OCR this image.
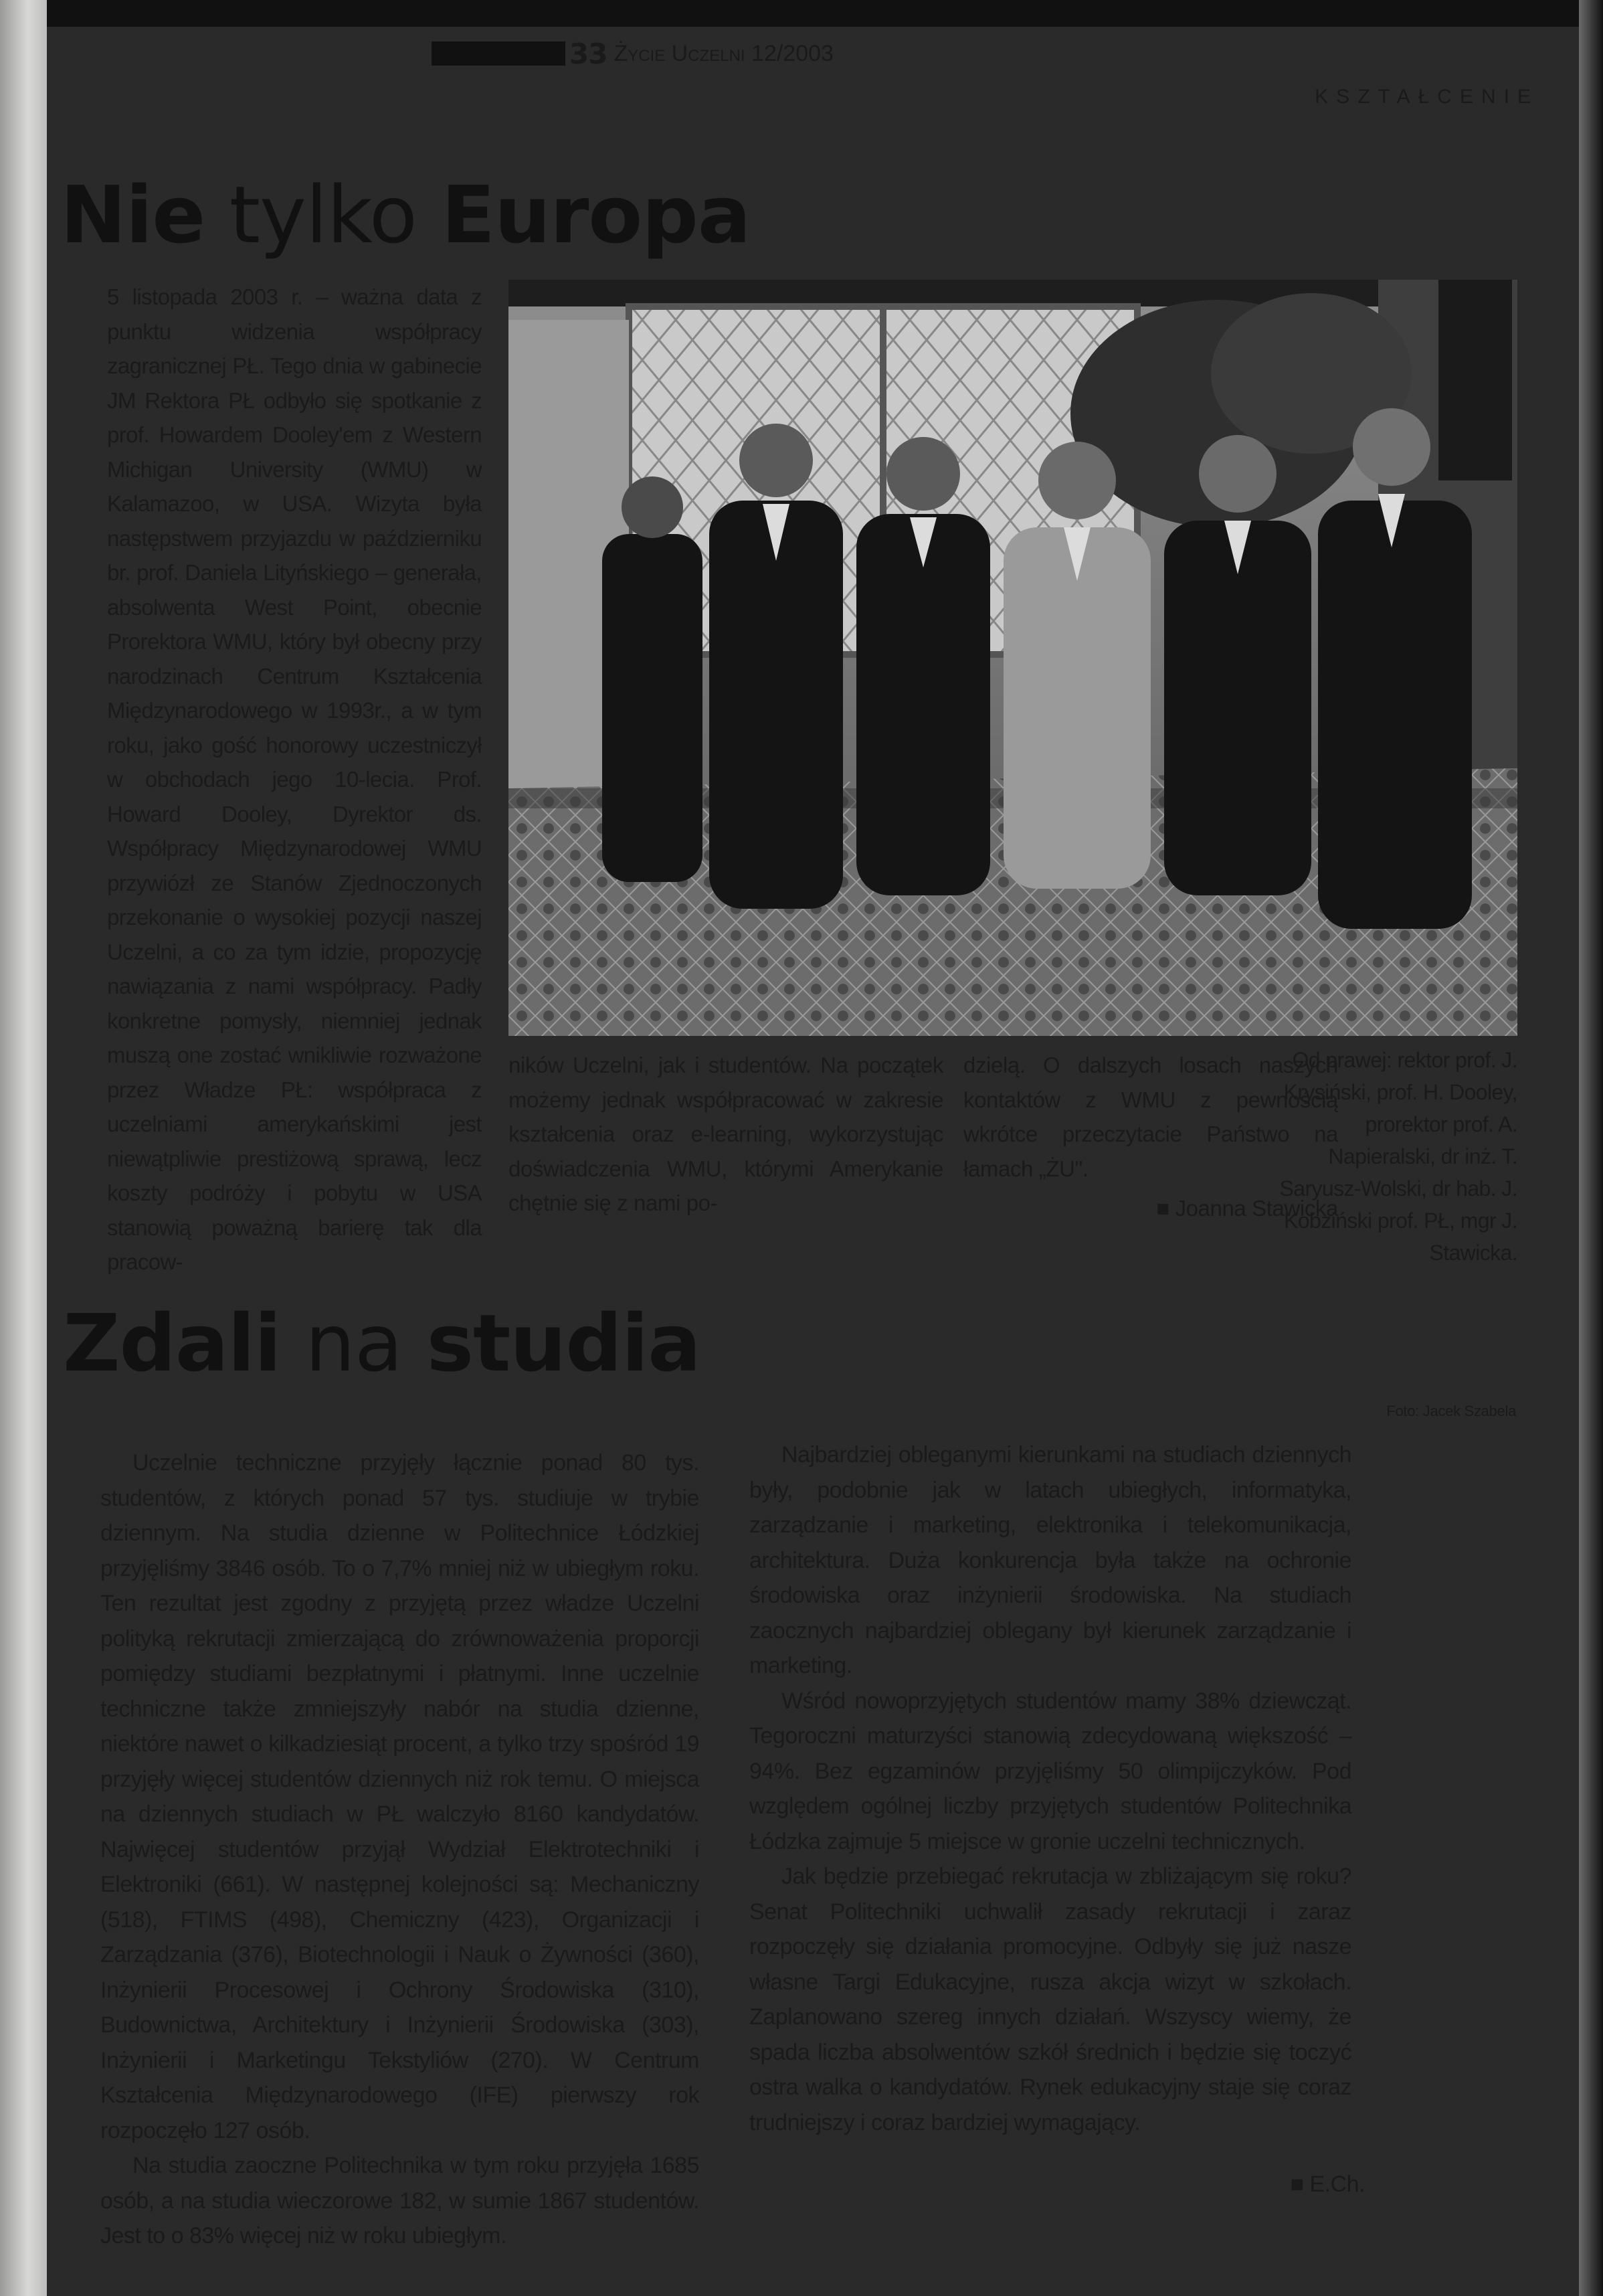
33 Życie Uczelni 12/2003
KSZTAŁCENIE
Nie tylko Europa

5 listopada 2003 r. – ważna data z punktu widzenia współpracy zagranicznej PŁ. Tego dnia w gabinecie JM Rektora PŁ odbyło się spotkanie z prof. Howardem Dooley'em z Western Michigan University (WMU) w Kalamazoo, w USA. Wizyta była następstwem przyjazdu w październiku br. prof. Daniela Lityńskiego – generała, absolwenta West Point, obecnie Prorektora WMU, który był obecny przy narodzinach Centrum Kształcenia Międzynarodowego w 1993r., a w tym roku, jako gość honorowy uczestniczył w obchodach jego 10-lecia. Prof. Howard Dooley, Dyrektor ds. Współpracy Międzynarodowej WMU przywiózł ze Stanów Zjednoczonych przekonanie o wysokiej pozycji naszej Uczelni, a co za tym idzie, propozycję nawiązania z nami współpracy. Padły konkretne pomysły, niemniej jednak muszą one zostać wnikliwie rozważone przez Władze PŁ: współpraca z uczelniami amerykańskimi jest niewątpliwie prestiżową sprawą, lecz koszty podróży i pobytu w USA stanowią poważną barierę tak dla pracow-

ników Uczelni, jak i studentów. Na początek możemy jednak współpracować w zakresie kształcenia oraz e-learning, wykorzystując doświadczenia WMU, którymi Amerykanie chętnie się z nami po-

dzielą. O dalszych losach naszych kontaktów z WMU z pewnością wkrótce przeczytacie Państwo na łamach „ŻU".

■ Joanna Stawicka

Od prawej: rektor prof. J. Krysiński, prof. H. Dooley, prorektor prof. A. Napieralski, dr inż. T. Saryusz-Wolski, dr hab. J. Kobziński prof. PŁ, mgr J. Stawicka.
Foto: Jacek Szabela
Zdali na studia

Uczelnie techniczne przyjęły łącznie ponad 80 tys. studentów, z których ponad 57 tys. studiuje w trybie dziennym. Na studia dzienne w Politechnice Łódzkiej przyjęliśmy 3846 osób. To o 7,7% mniej niż w ubiegłym roku. Ten rezultat jest zgodny z przyjętą przez władze Uczelni polityką rekrutacji zmierzającą do zrównoważenia proporcji pomiędzy studiami bezpłatnymi i płatnymi. Inne uczelnie techniczne także zmniejszyły nabór na studia dzienne, niektóre nawet o kilkadziesiąt procent, a tylko trzy spośród 19 przyjęły więcej studentów dziennych niż rok temu. O miejsca na dziennych studiach w PŁ walczyło 8160 kandydatów. Najwięcej studentów przyjął Wydział Elektrotechniki i Elektroniki (661). W następnej kolejności są: Mechaniczny (518), FTIMS (498), Chemiczny (423), Organizacji i Zarządzania (376), Biotechnologii i Nauk o Żywności (360), Inżynierii Procesowej i Ochrony Środowiska (310), Budownictwa, Architektury i Inżynierii Środowiska (303), Inżynierii i Marketingu Tekstyliów (270). W Centrum Kształcenia Międzynarodowego (IFE) pierwszy rok rozpoczęło 127 osób.

Na studia zaoczne Politechnika w tym roku przyjęła 1685 osób, a na studia wieczorowe 182, w sumie 1867 studentów. Jest to o 83% więcej niż w roku ubiegłym.

Najbardziej obleganymi kierunkami na studiach dziennych były, podobnie jak w latach ubiegłych, informatyka, zarządzanie i marketing, elektronika i telekomunikacja, architektura. Duża konkurencja była także na ochronie środowiska oraz inżynierii środowiska. Na studiach zaocznych najbardziej oblegany był kierunek zarządzanie i marketing.

Wśród nowoprzyjętych studentów mamy 38% dziewcząt. Tegoroczni maturzyści stanowią zdecydowaną większość – 94%. Bez egzaminów przyjęliśmy 50 olimpijczyków. Pod względem ogólnej liczby przyjętych studentów Politechnika Łódzka zajmuje 5 miejsce w gronie uczelni technicznych.

Jak będzie przebiegać rekrutacja w zbliżającym się roku? Senat Politechniki uchwalił zasady rekrutacji i zaraz rozpoczęły się działania promocyjne. Odbyły się już nasze własne Targi Edukacyjne, rusza akcja wizyt w szkołach. Zaplanowano szereg innych działań. Wszyscy wiemy, że spada liczba absolwentów szkół średnich i będzie się toczyć ostra walka o kandydatów. Rynek edukacyjny staje się coraz trudniejszy i coraz bardziej wymagający.

■ E.Ch.
